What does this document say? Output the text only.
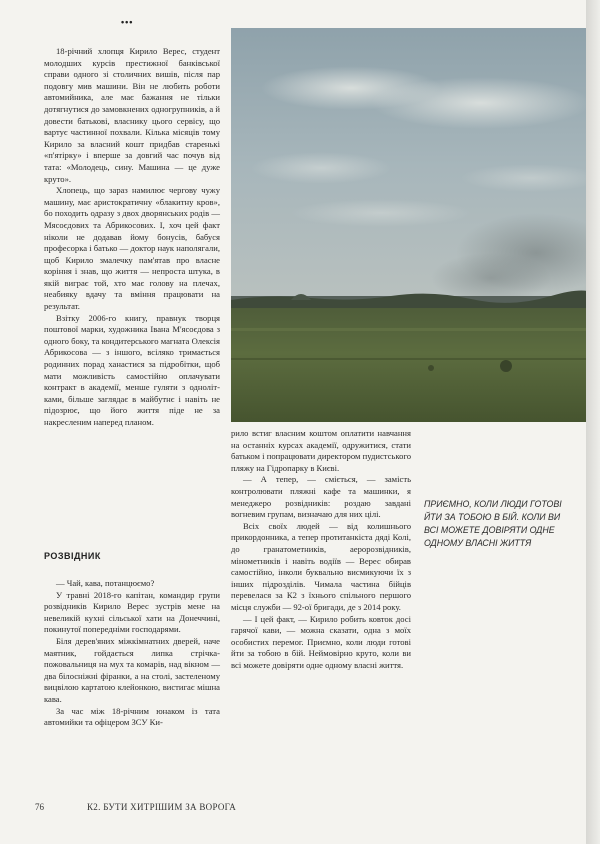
•••

18-річний хлопця Кирило Верес, студент молодших курсів престижної банківської справи одного зі столичних вишів, після пар подовгу мив машини. Він не любить роботи автомийника, але має бажання не тільки дотягнутися до замовкнених одногрупників, а й довести батькові, власнику цього сервісу, що вартує частинної похвали. Кілька місяців тому Кирило за власний кошт придбав старенькі «п'ятірку» і вперше за довгий час почув від тата: «Молодець, сину. Машина — це дуже круто».

Хлопець, що зараз намилює чергову чужу машину, має аристократичну «блакитну кров», бо походить одразу з двох дворянських родів — Мясоєдових та Абрикосових. І, хоч цей факт ніколи не додавав йому бонусів, бабуся професорка і батько — доктор наук наполягали, щоб Кирило змалечку пам'ятав про власне коріння і знав, що життя — непроста штука, в якій виграє той, хто має голову на плечах, неабияку вдачу та вміння працювати на результат.

Взітку 2006-го книгу, правнук творця поштової марки, художника Івана М'ясоєдова з одного боку, та кондитерського магната Олексія Абрикосова — з іншого, всіляко тримається родинних порад ханастися за підробітки, щоб мати можливість самостійно оплачувати контракт в академії, менше гуляти з однолітками, більше заглядає в майбутнє і навіть не підозрює, що його життя піде не за накресленим наперед планом.

РОЗВІДНИК

— Чай, кава, потанцюємо?

У травні 2018-го капітан, командир групи розвідників Кирило Верес зустрів мене на невеликій кухні сільської хати на Донеччині, покинутої попередніми господарями.

Біля дерев'яних міжкімнатних дверей, наче маятник, гойдається липка стрічка-пожовальниця на мух та комарів, над вікном — два білосніжні фіранки, а на столі, застеленому вицвілою картатою клейонкою, вистигає мішна кава.

За час між 18-річним юнаком із тата автомийки та офіцером ЗСУ Ки-

рило встиг власним коштом оплатити навчання на останніх курсах академії, одружитися, стати батьком і попрацювати директором пудистського пляжу на Гідропарку в Києві.

— А тепер, — сміється, — замість контролювати пляжні кафе та машинки, я менеджеро розвідників: роздаю завдані вогневим групам, визначаю для них цілі.

Всіх своїх людей — від колишнього прикордонника, а тепер протитанкіста дядi Колі, до гранатометників, аеророзвідників, мінометників і навіть водіїв — Верес обирав самостійно, інколи буквально висмикуючи їх з інших підрозділів. Чимала частина бійців перевелася за К2 з їхнього спільного першого місця служби — 92-ої бригади, де з 2014 року.

— І цей факт, — Кирило робить ковток досі гарячої кави, — можна сказати, одна з моїх особистих перемог. Приємно, коли люди готові йти за тобою в бій. Неймовірно круто, коли ви всі можете довіряти одне одному власні життя.

ПРИЄМНО, КОЛИ ЛЮДИ ГОТОВІ ЙТИ ЗА ТОБОЮ В БІЙ. КОЛИ ВИ ВСІ МОЖЕТЕ ДОВІРЯТИ ОДНЕ ОДНОМУ ВЛАСНІ ЖИТТЯ
76	К2. БУТИ ХИТРІШИМ ЗА ВОРОГА
